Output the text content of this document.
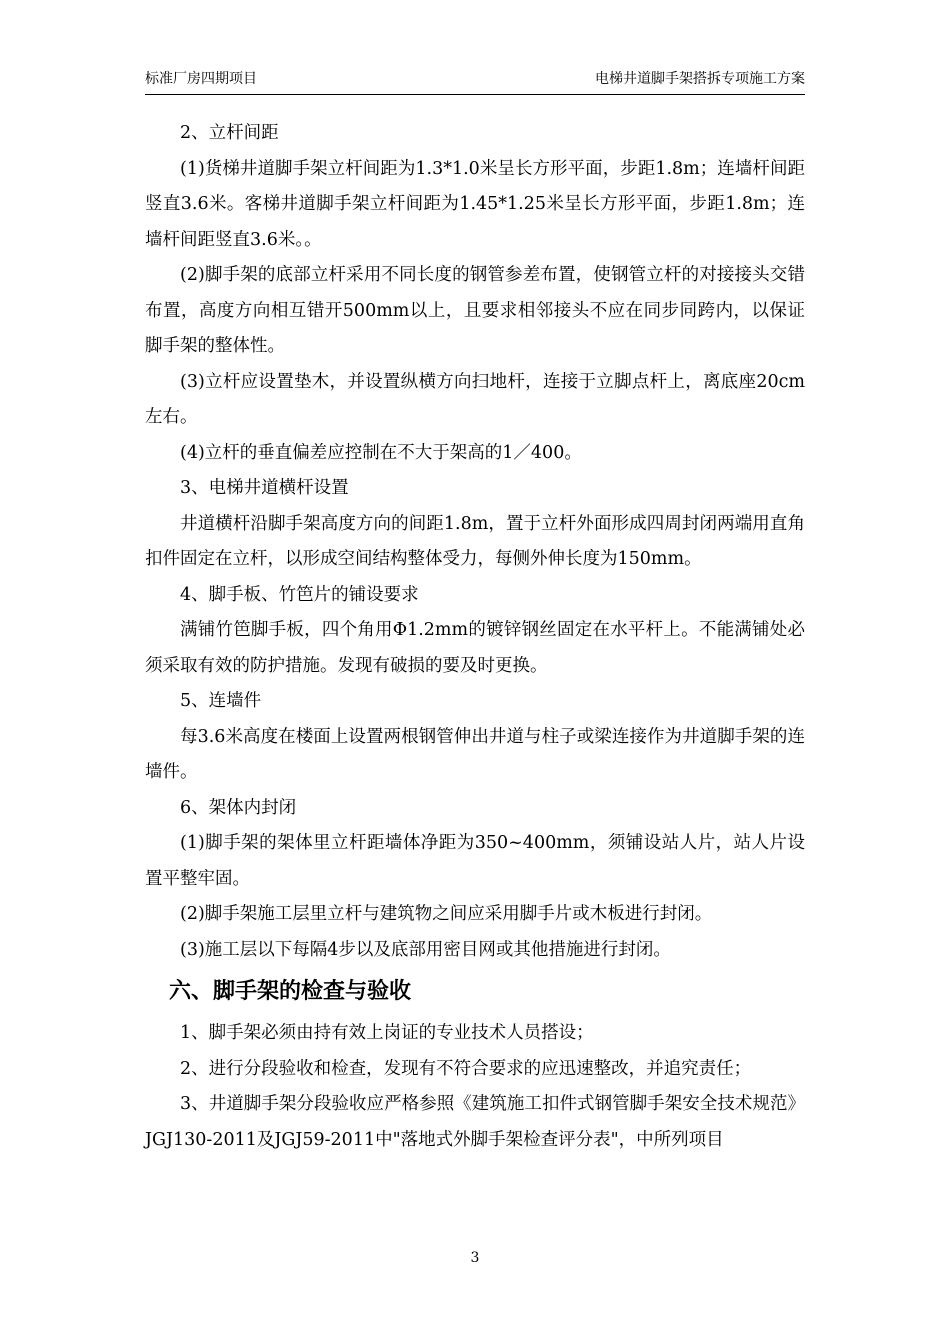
标准厂房四期项目	电梯井道脚手架搭拆专项施工方案

2、立杆间距

(1)货梯井道脚手架立杆间距为1.3*1.0米呈长方形平面，步距1.8m；连墙杆间距竖直3.6米。客梯井道脚手架立杆间距为1.45*1.25米呈长方形平面，步距1.8m；连墙杆间距竖直3.6米。。

(2)脚手架的底部立杆采用不同长度的钢管参差布置，使钢管立杆的对接接头交错布置，高度方向相互错开500mm以上，且要求相邻接头不应在同步同跨内，以保证脚手架的整体性。

(3)立杆应设置垫木，并设置纵横方向扫地杆，连接于立脚点杆上，离底座20cm左右。

(4)立杆的垂直偏差应控制在不大于架高的1／400。

3、电梯井道横杆设置

井道横杆沿脚手架高度方向的间距1.8m，置于立杆外面形成四周封闭两端用直角扣件固定在立杆，以形成空间结构整体受力，每侧外伸长度为150mm。

4、脚手板、竹笆片的铺设要求

满铺竹笆脚手板，四个角用Φ1.2mm的镀锌钢丝固定在水平杆上。不能满铺处必须采取有效的防护措施。发现有破损的要及时更换。

5、连墙件

每3.6米高度在楼面上设置两根钢管伸出井道与柱子或梁连接作为井道脚手架的连墙件。

6、架体内封闭

(1)脚手架的架体里立杆距墙体净距为350~400mm，须铺设站人片，站人片设置平整牢固。

(2)脚手架施工层里立杆与建筑物之间应采用脚手片或木板进行封闭。

(3)施工层以下每隔4步以及底部用密目网或其他措施进行封闭。

六、脚手架的检查与验收

1、脚手架必须由持有效上岗证的专业技术人员搭设；

2、进行分段验收和检查，发现有不符合要求的应迅速整改，并追究责任；

3、井道脚手架分段验收应严格参照《建筑施工扣件式钢管脚手架安全技术规范》JGJ130-2011及JGJ59-2011中"落地式外脚手架检查评分表"，中所列项目

3
